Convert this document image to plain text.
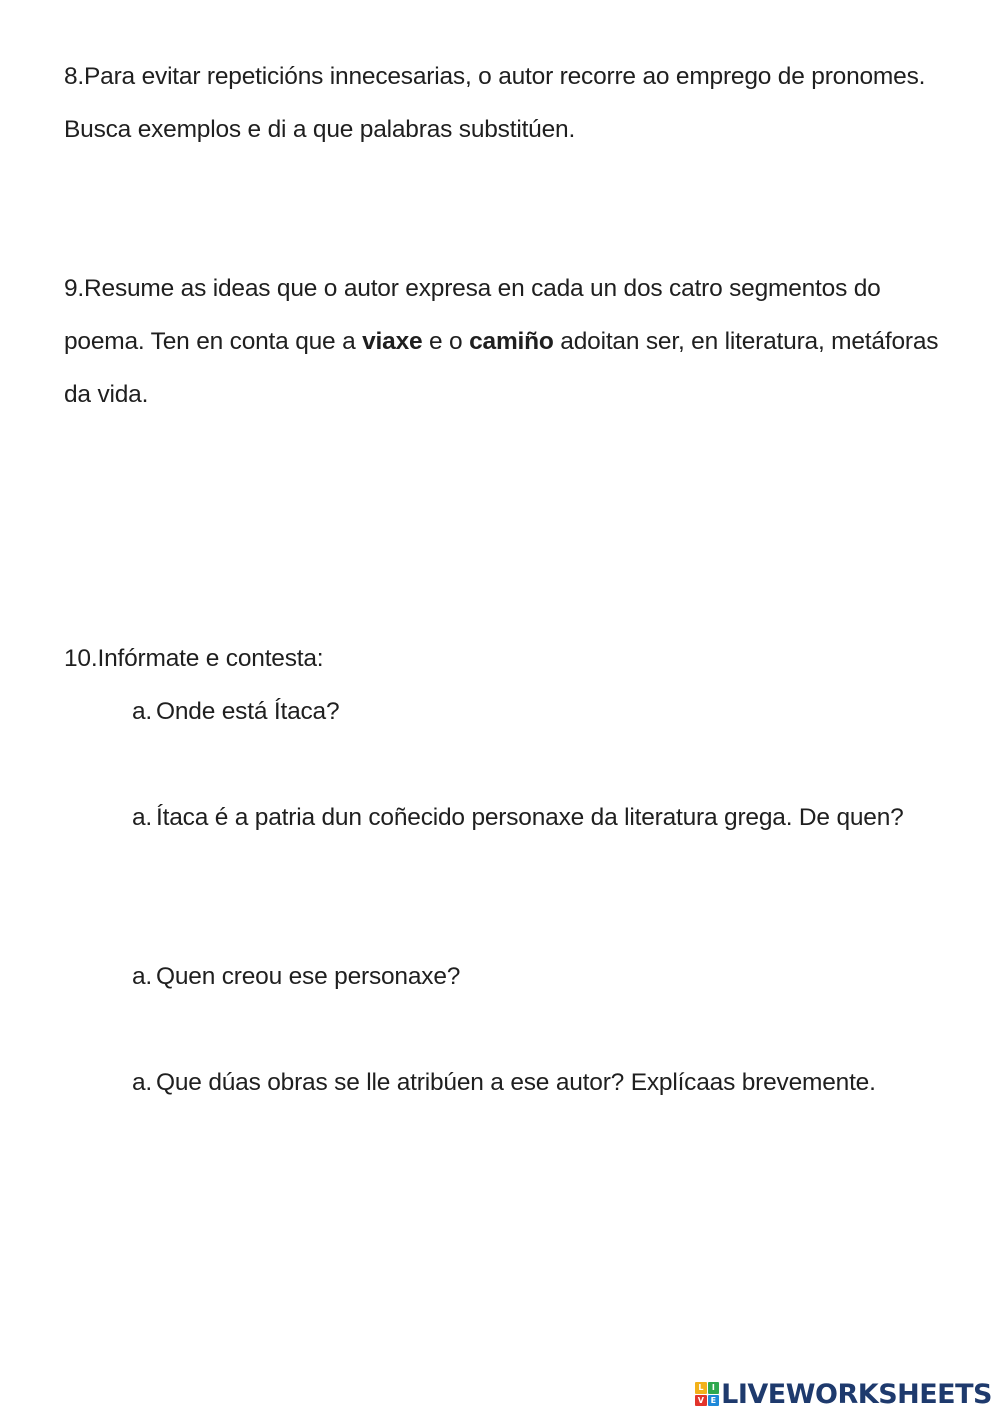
8.Para evitar repeticións innecesarias, o autor recorre ao emprego de pronomes. Busca exemplos e di a que palabras substitúen.
9.Resume as ideas que o autor expresa en cada un dos catro segmentos do poema. Ten en conta que a viaxe e o camiño adoitan ser, en literatura, metáforas da vida.
10.Infórmate e contesta:
a. Onde está Ítaca?
a. Ítaca é a patria dun coñecido personaxe da literatura grega. De quen?
a. Quen creou ese personaxe?
a. Que dúas obras se lle atribúen a ese autor? Explícaas brevemente.
L	I
V E LIVEWORKSHEETS
